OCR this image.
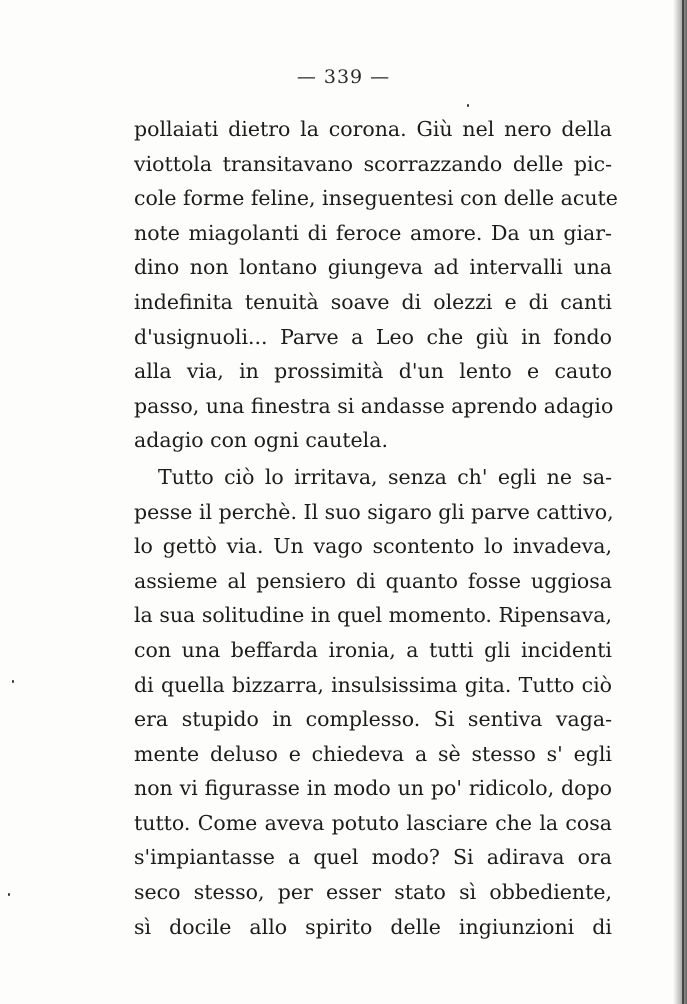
— 339 —
pollaiati dietro la corona. Giù nel nero della
viottola transitavano scorrazzando delle pic-
cole forme feline, inseguentesi con delle acute
note miagolanti di feroce amore. Da un giar-
dino non lontano giungeva ad intervalli una
indefinita tenuità soave di olezzi e di canti
d'usignuoli... Parve a Leo che giù in fondo
alla via, in prossimità d'un lento e cauto
passo, una finestra si andasse aprendo adagio
adagio con ogni cautela.
Tutto ciò lo irritava, senza ch' egli ne sa-
pesse il perchè. Il suo sigaro gli parve cattivo,
lo gettò via. Un vago scontento lo invadeva,
assieme al pensiero di quanto fosse uggiosa
la sua solitudine in quel momento. Ripensava,
con una beffarda ironia, a tutti gli incidenti
di quella bizzarra, insulsissima gita. Tutto ciò
era stupido in complesso. Si sentiva vaga-
mente deluso e chiedeva a sè stesso s' egli
non vi figurasse in modo un po' ridicolo, dopo
tutto. Come aveva potuto lasciare che la cosa
s'impiantasse a quel modo? Si adirava ora
seco stesso, per esser stato sì obbediente,
sì docile allo spirito delle ingiunzioni di
